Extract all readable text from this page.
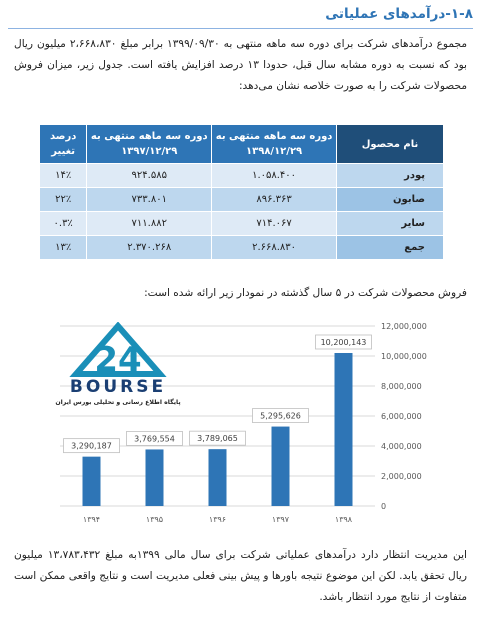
۱-۸-درآمدهای عملیاتی

مجموع درآمدهای شرکت برای دوره سه ماهه منتهی به ۱۳۹۹/۰۹/۳۰ برابر مبلغ ۲،۶۶۸،۸۳۰ میلیون ریال بود که نسبت به دوره مشابه سال قبل، حدودا ۱۳ درصد افزایش یافته است. جدول زیر، میزان فروش محصولات شرکت را به صورت خلاصه نشان می‌دهد:

نام محصول	دوره سه ماهه منتهی به ۱۳۹۸/۱۲/۲۹	دوره سه ماهه منتهی به ۱۳۹۷/۱۲/۲۹	درصد تغییر
پودر	۱.۰۵۸.۴۰۰	۹۲۴.۵۸۵	۱۴٪
صابون	۸۹۶.۳۶۳	۷۳۳.۸۰۱	۲۲٪
سایر	۷۱۴.۰۶۷	۷۱۱.۸۸۲	۰.۳٪
جمع	۲.۶۶۸.۸۳۰	۲.۳۷۰.۲۶۸	۱۳٪

فروش محصولات شرکت در ۵ سال گذشته در نمودار زیر ارائه شده است:

0
2,000,000
4,000,000
6,000,000
8,000,000
10,000,000
12,000,000
3,290,187
3,769,554	3,789,065
5,295,626
10,200,143
۱۳۹۴	۱۳۹۵	۱۳۹۶	۱۳۹۷	۱۳۹۸
24
BOURSE
پایگاه اطلاع رسانی و تحلیلی بورس ایران

این مدیریت انتظار دارد درآمدهای عملیاتی شرکت برای سال مالی ۱۳۹۹به مبلغ ۱۳،۷۸۳،۴۳۲ میلیون ریال تحقق یابد. لکن این موضوع نتیجه باورها و پیش بینی فعلی مدیریت است و نتایج واقعی ممکن است متفاوت از نتایج مورد انتظار باشد.
